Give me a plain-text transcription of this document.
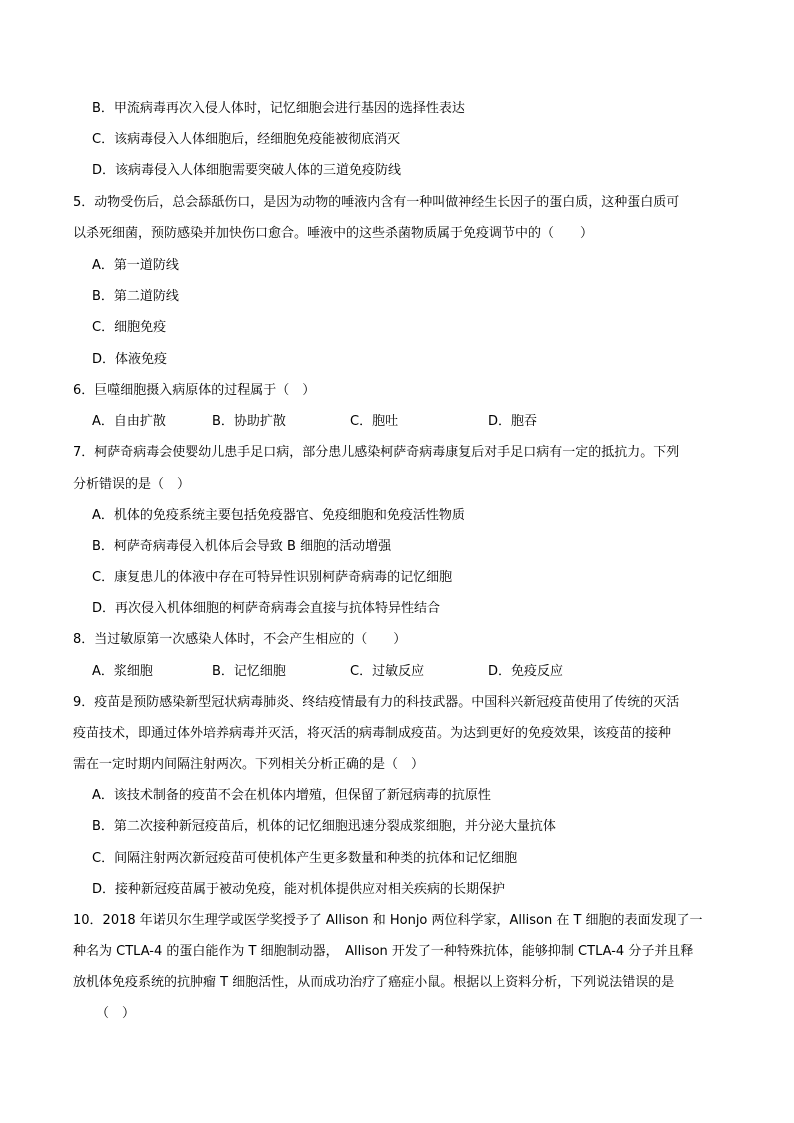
B．甲流病毒再次入侵人体时，记忆细胞会进行基因的选择性表达

C．该病毒侵入人体细胞后，经细胞免疫能被彻底消灭

D．该病毒侵入人体细胞需要突破人体的三道免疫防线

5．动物受伤后，总会舔舐伤口，是因为动物的唾液内含有一种叫做神经生长因子的蛋白质，这种蛋白质可

以杀死细菌，预防感染并加快伤口愈合。唾液中的这些杀菌物质属于免疫调节中的（　　）

A．第一道防线

B．第二道防线

C．细胞免疫

D．体液免疫

6．巨噬细胞摄入病原体的过程属于（　）

A．自由扩散	B．协助扩散	C．胞吐	D．胞吞

7．柯萨奇病毒会使婴幼儿患手足口病，部分患儿感染柯萨奇病毒康复后对手足口病有一定的抵抗力。下列

分析错误的是（　）

A．机体的免疫系统主要包括免疫器官、免疫细胞和免疫活性物质

B．柯萨奇病毒侵入机体后会导致 B 细胞的活动增强

C．康复患儿的体液中存在可特异性识别柯萨奇病毒的记忆细胞

D．再次侵入机体细胞的柯萨奇病毒会直接与抗体特异性结合

8．当过敏原第一次感染人体时，不会产生相应的（　　）

A．浆细胞	B．记忆细胞	C．过敏反应	D．免疫反应

9．疫苗是预防感染新型冠状病毒肺炎、终结疫情最有力的科技武器。中国科兴新冠疫苗使用了传统的灭活

疫苗技术，即通过体外培养病毒并灭活，将灭活的病毒制成疫苗。为达到更好的免疫效果，该疫苗的接种

需在一定时期内间隔注射两次。下列相关分析正确的是（　）

A．该技术制备的疫苗不会在机体内增殖，但保留了新冠病毒的抗原性

B．第二次接种新冠疫苗后，机体的记忆细胞迅速分裂成浆细胞，并分泌大量抗体

C．间隔注射两次新冠疫苗可使机体产生更多数量和种类的抗体和记忆细胞

D．接种新冠疫苗属于被动免疫，能对机体提供应对相关疾病的长期保护

10．2018 年诺贝尔生理学或医学奖授予了 Allison 和 Honjo 两位科学家，Allison 在 T 细胞的表面发现了一

种名为 CTLA-4 的蛋白能作为 T 细胞制动器，　Allison 开发了一种特殊抗体，能够抑制 CTLA-4 分子并且释

放机体免疫系统的抗肿瘤 T 细胞活性，从而成功治疗了癌症小鼠。根据以上资料分析，下列说法错误的是

（　）
